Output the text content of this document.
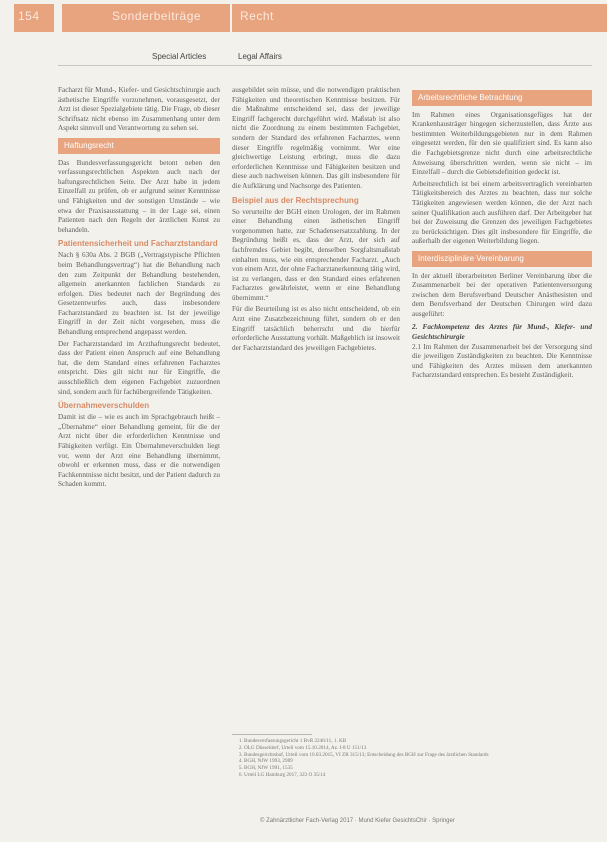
154	Sonderbeiträge	Recht
Special Articles	Legal Affairs

Facharzt für Mund-, Kiefer- und Gesichtschirurgie auch ästhetische Eingriffe vorzunehmen, vorausgesetzt, der Arzt ist dieser Spezialgebiete tätig. Die Frage, ob dieser Schriftsatz nicht ebenso im Zusammenhang unter dem Aspekt sinnvoll und Verantwortung zu sehen sei.

Haftungsrecht

Das Bundesverfassungsgericht betont neben den verfassungsrechtlichen Aspekten auch nach der haftungsrechtlichen Seite. Der Arzt habe in jedem Einzelfall zu prüfen, ob er aufgrund seiner Kenntnisse und Fähigkeiten und der sonstigen Umstände – wie etwa der Praxisausstattung – in der Lage sei, einen Patienten nach den Regeln der ärztlichen Kunst zu behandeln.

Patientensicherheit und Facharztstandard

Nach § 630a Abs. 2 BGB („Vertragstypische Pflichten beim Behandlungsvertrag“) hat die Behandlung nach den zum Zeitpunkt der Behandlung bestehenden, allgemein anerkannten fachlichen Standards zu erfolgen. Dies bedeutet nach der Begründung des Gesetzentwurfes auch, dass insbesondere Facharztstandard zu beachten ist. Ist der jeweilige Eingriff in der Zeit nicht vorgesehen, muss die Behandlung entsprechend angepasst werden.

Der Facharztstandard im Arzthaftungsrecht bedeutet, dass der Patient einen Anspruch auf eine Behandlung hat, die dem Standard eines erfahrenen Facharztes entspricht. Dies gilt nicht nur für Eingriffe, die ausschließlich dem eigenen Fachgebiet zuzuordnen sind, sondern auch für fachübergreifende Tätigkeiten.

Übernahmeverschulden

Damit ist die – wie es auch im Sprachgebrauch heißt – „Übernahme“ einer Behandlung gemeint, für die der Arzt nicht über die erforderlichen Kenntnisse und Fähigkeiten verfügt. Ein Übernahmeverschulden liegt vor, wenn der Arzt eine Behandlung übernimmt, obwohl er erkennen muss, dass er die notwendigen Fachkenntnisse nicht besitzt, und der Patient dadurch zu Schaden kommt.

ausgebildet sein müsse, und die notwendigen praktischen Fähigkeiten und theoretischen Kenntnisse besitzen. Für die Maßnahme entscheidend sei, dass der jeweilige Eingriff fachgerecht durchgeführt wird. Maßstab ist also nicht die Zuordnung zu einem bestimmten Fachgebiet, sondern der Standard des erfahrenen Facharztes, wenn dieser Eingriffe regelmäßig vornimmt. Wer eine gleichwertige Leistung erbringt, muss die dazu erforderlichen Kenntnisse und Fähigkeiten besitzen und diese auch nachweisen können. Das gilt insbesondere für die Aufklärung und Nachsorge des Patienten.

Beispiel aus der Rechtsprechung

So verurteilte der BGH einen Urologen, der im Rahmen einer Behandlung einen ästhetischen Eingriff vorgenommen hatte, zur Schadensersatzzahlung. In der Begründung heißt es, dass der Arzt, der sich auf fachfremdes Gebiet begibt, denselben Sorgfaltsmaßstab einhalten muss, wie ein entsprechender Facharzt. „Auch von einem Arzt, der ohne Facharztanerkennung tätig wird, ist zu verlangen, dass er den Standard eines erfahrenen Facharztes gewährleistet, wenn er eine Behandlung übernimmt.“

Für die Beurteilung ist es also nicht entscheidend, ob ein Arzt eine Zusatzbezeichnung führt, sondern ob er den Eingriff tatsächlich beherrscht und die hierfür erforderliche Ausstattung vorhält. Maßgeblich ist insoweit der Facharztstandard des jeweiligen Fachgebietes.

Arbeitsrechtliche Betrachtung

Im Rahmen eines Organisationsgefüges hat der Krankenhausträger hingegen sicherzustellen, dass Ärzte aus bestimmten Weiterbildungsgebieten nur in dem Rahmen eingesetzt werden, für den sie qualifiziert sind. Es kann also die Fachgebietsgrenze nicht durch eine arbeitsrechtliche Anweisung überschritten werden, wenn sie nicht – im Einzelfall – durch die Gebietsdefinition gedeckt ist.

Arbeitsrechtlich ist bei einem arbeitsvertraglich vereinbarten Tätigkeitsbereich des Arztes zu beachten, dass nur solche Tätigkeiten angewiesen werden können, die der Arzt nach seiner Qualifikation auch ausführen darf. Der Arbeitgeber hat bei der Zuweisung die Grenzen des jeweiligen Fachgebietes zu berücksichtigen. Dies gilt insbesondere für Eingriffe, die außerhalb der eigenen Weiterbildung liegen.

Interdisziplinäre Vereinbarung

In der aktuell überarbeiteten Berliner Vereinbarung über die Zusammenarbeit bei der operativen Patientenversorgung zwischen dem Berufsverband Deutscher Anästhesisten und dem Berufsverband der Deutschen Chirurgen wird dazu ausgeführt:

2. Fachkompetenz des Arztes für Mund-, Kiefer- und Gesichtschirurgie

2.1 Im Rahmen der Zusammenarbeit bei der Versorgung sind die jeweiligen Zuständigkeiten zu beachten. Die Kenntnisse und Fähigkeiten des Arztes müssen dem anerkannten Facharztstandard entsprechen. Es besteht Zuständigkeit.

1. Bundesverfassungsgericht 1 BvR 2246/11, 1. KB
2. OLG Düsseldorf, Urteil vom 15.10.2014, Az. I-8 U 151/13
3. Bundesgerichtshof, Urteil vom 10.03.2015, VI ZR 315/13; Entscheidung des BGH zur Frage des ärztlichen Standards
4. BGH, NJW 1993, 2989
5. BGH, NJW 1991, 1535
6. Urteil LG Hamburg 2017, 323 O 35/14
© Zahnärztlicher Fach-Verlag 2017 · Mund Kiefer GesichtsChir · Springer
